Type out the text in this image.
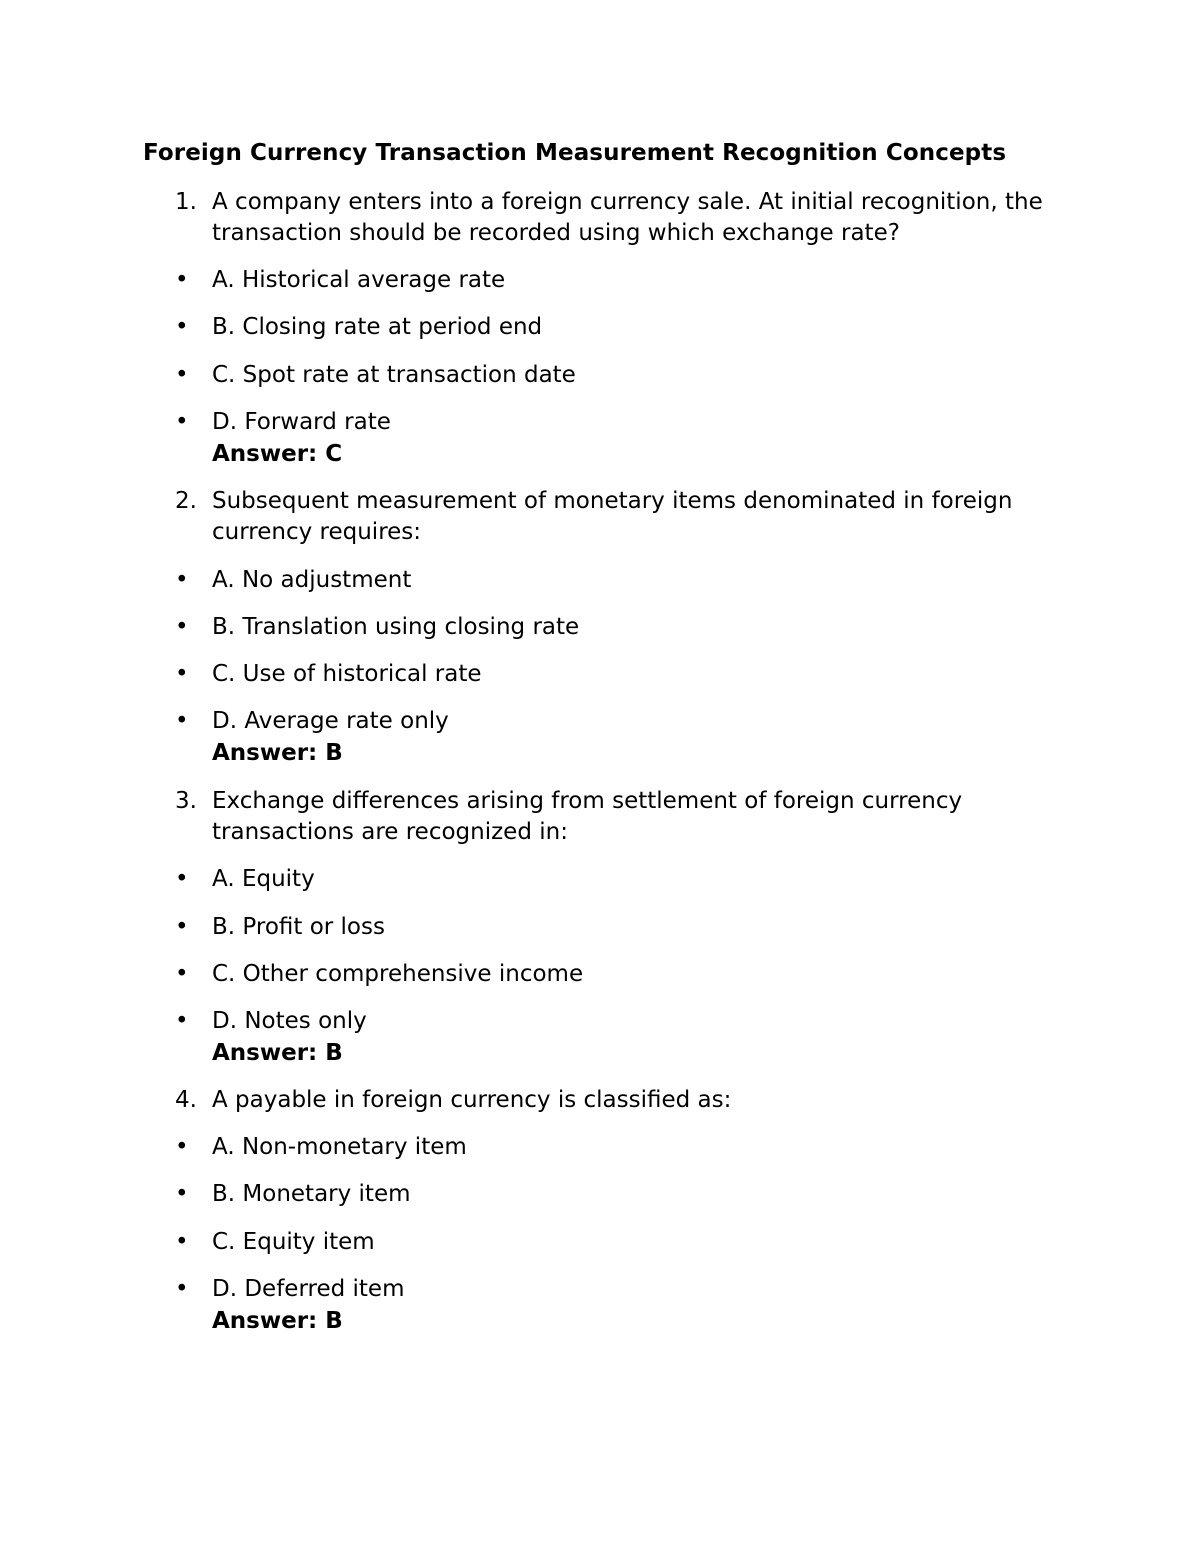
Foreign Currency Transaction Measurement Recognition Concepts
1. A company enters into a foreign currency sale. At initial recognition, the transaction should be recorded using which exchange rate?
• A. Historical average rate
• B. Closing rate at period end
• C. Spot rate at transaction date
• D. Forward rate
Answer: C
2. Subsequent measurement of monetary items denominated in foreign currency requires:
• A. No adjustment
• B. Translation using closing rate
• C. Use of historical rate
• D. Average rate only
Answer: B
3. Exchange differences arising from settlement of foreign currency transactions are recognized in:
• A. Equity
• B. Profit or loss
• C. Other comprehensive income
• D. Notes only
Answer: B
4. A payable in foreign currency is classified as:
• A. Non-monetary item
• B. Monetary item
• C. Equity item
• D. Deferred item
Answer: B
